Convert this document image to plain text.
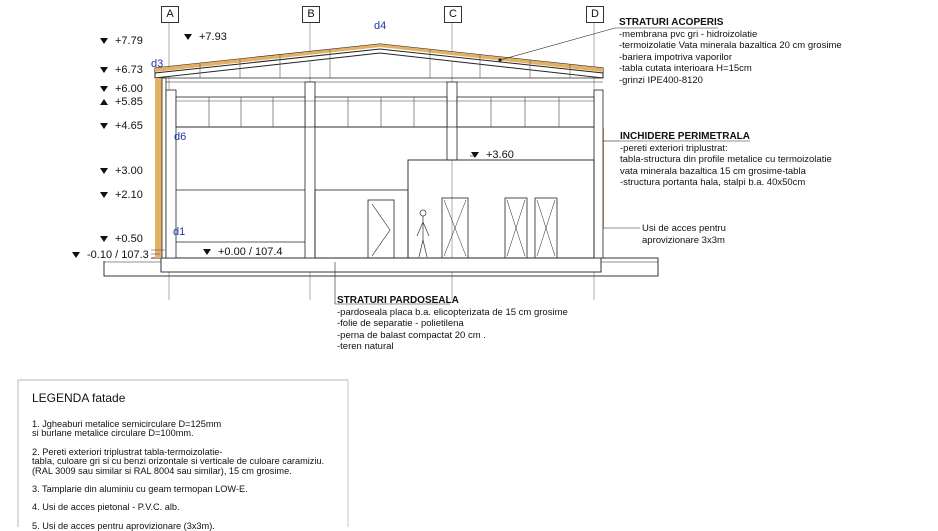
A	B	C	D
+7.79	+7.93
+6.73
+6.00
+5.85
+4.65
+3.00
+2.10
+0.50
-0.10 / 107.3	+0.00 / 107.4
+3.60
d3
d4
d6
d1
STRATURI ACOPERIS
-membrana pvc gri - hidroizolatie
-termoizolatie Vata minerala bazaltica 20 cm grosime
-bariera impotriva vaporilor
-tabla cutata interioara H=15cm
-grinzi IPE400-8120
INCHIDERE PERIMETRALA
-pereti exteriori triplustrat:
tabla-structura din profile metalice cu termoizolatie
vata minerala bazaltica 15 cm grosime-tabla
-structura portanta hala, stalpi b.a. 40x50cm
Usi de acces pentru
aprovizionare 3x3m
STRATURI PARDOSEALA
-pardoseala placa b.a. elicopterizata de 15 cm grosime
-folie de separatie - polietilena
-perna de balast compactat 20 cm .
-teren natural
LEGENDA fatade
1. Jgheaburi metalice semicirculare D=125mm
si burlane metalice circulare D=100mm.
2. Pereti exteriori triplustrat tabla-termoizolatie-
tabla, culoare gri si cu benzi orizontale si verticale de culoare caramiziu.
(RAL 3009 sau similar si RAL 8004 sau similar), 15 cm grosime.
3. Tamplarie din aluminiu cu geam termopan LOW-E.
4. Usi de acces pietonal - P.V.C. alb.
5. Usi de acces pentru aprovizionare (3x3m).
